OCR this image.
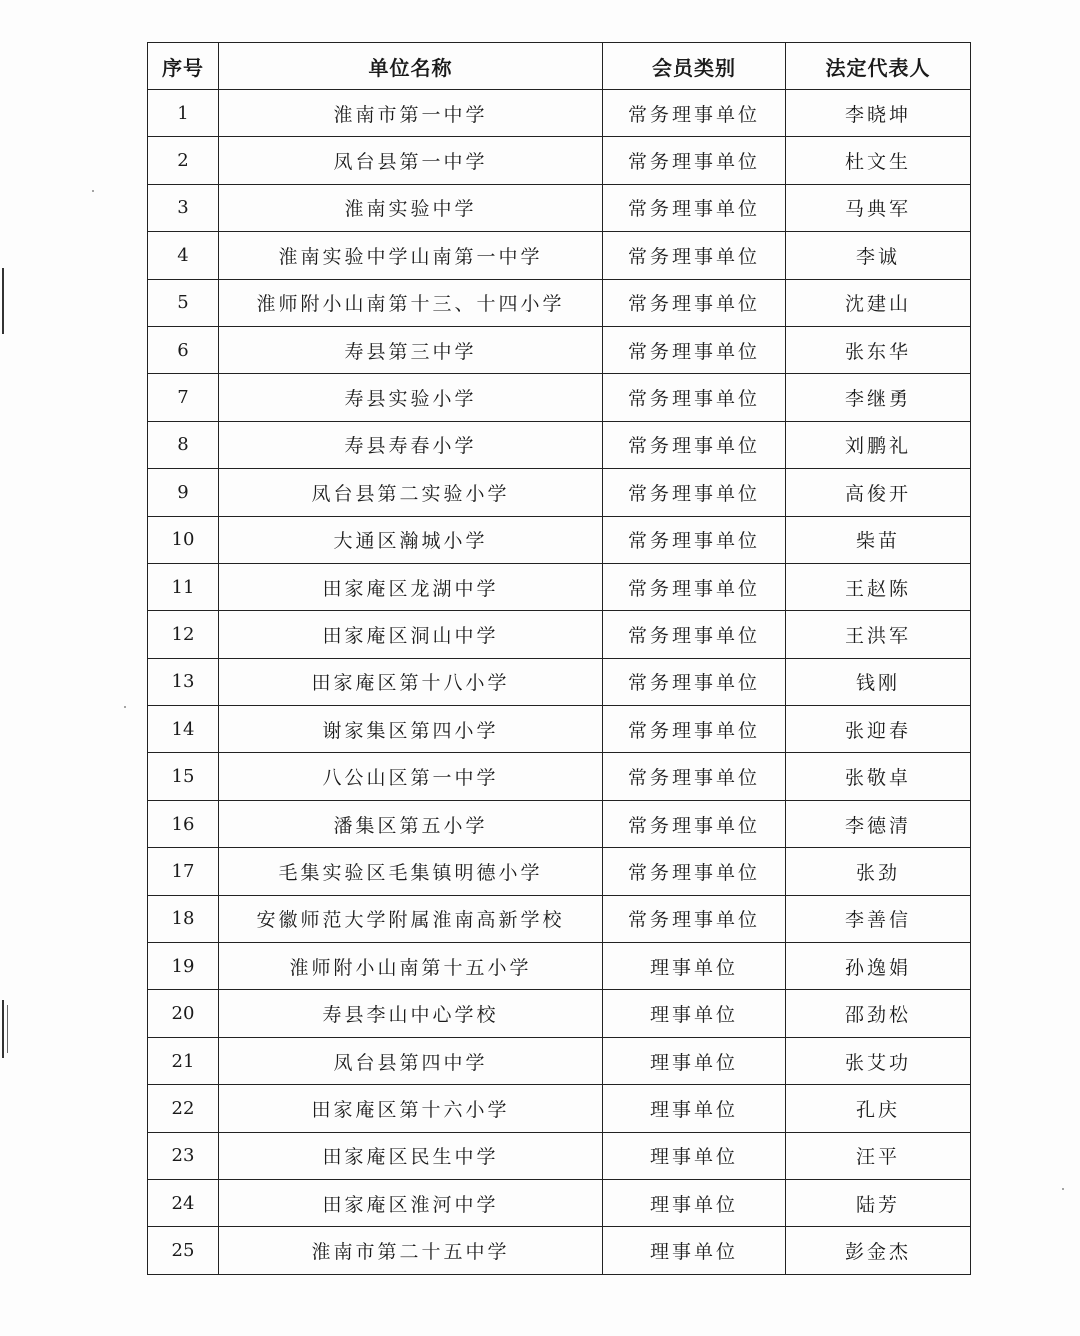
序号	单位名称	会员类别	法定代表人
1	淮南市第一中学	常务理事单位	李晓坤
2	凤台县第一中学	常务理事单位	杜文生
3	淮南实验中学	常务理事单位	马典军
4	淮南实验中学山南第一中学	常务理事单位	李诚
5	淮师附小山南第十三、十四小学	常务理事单位	沈建山
6	寿县第三中学	常务理事单位	张东华
7	寿县实验小学	常务理事单位	李继勇
8	寿县寿春小学	常务理事单位	刘鹏礼
9	凤台县第二实验小学	常务理事单位	高俊开
10	大通区瀚城小学	常务理事单位	柴苗
11	田家庵区龙湖中学	常务理事单位	王赵陈
12	田家庵区洞山中学	常务理事单位	王洪军
13	田家庵区第十八小学	常务理事单位	钱刚
14	谢家集区第四小学	常务理事单位	张迎春
15	八公山区第一中学	常务理事单位	张敬卓
16	潘集区第五小学	常务理事单位	李德清
17	毛集实验区毛集镇明德小学	常务理事单位	张劲
18	安徽师范大学附属淮南高新学校	常务理事单位	李善信
19	淮师附小山南第十五小学	理事单位	孙逸娟
20	寿县李山中心学校	理事单位	邵劲松
21	凤台县第四中学	理事单位	张艾功
22	田家庵区第十六小学	理事单位	孔庆
23	田家庵区民生中学	理事单位	汪平
24	田家庵区淮河中学	理事单位	陆芳
25	淮南市第二十五中学	理事单位	彭金杰
